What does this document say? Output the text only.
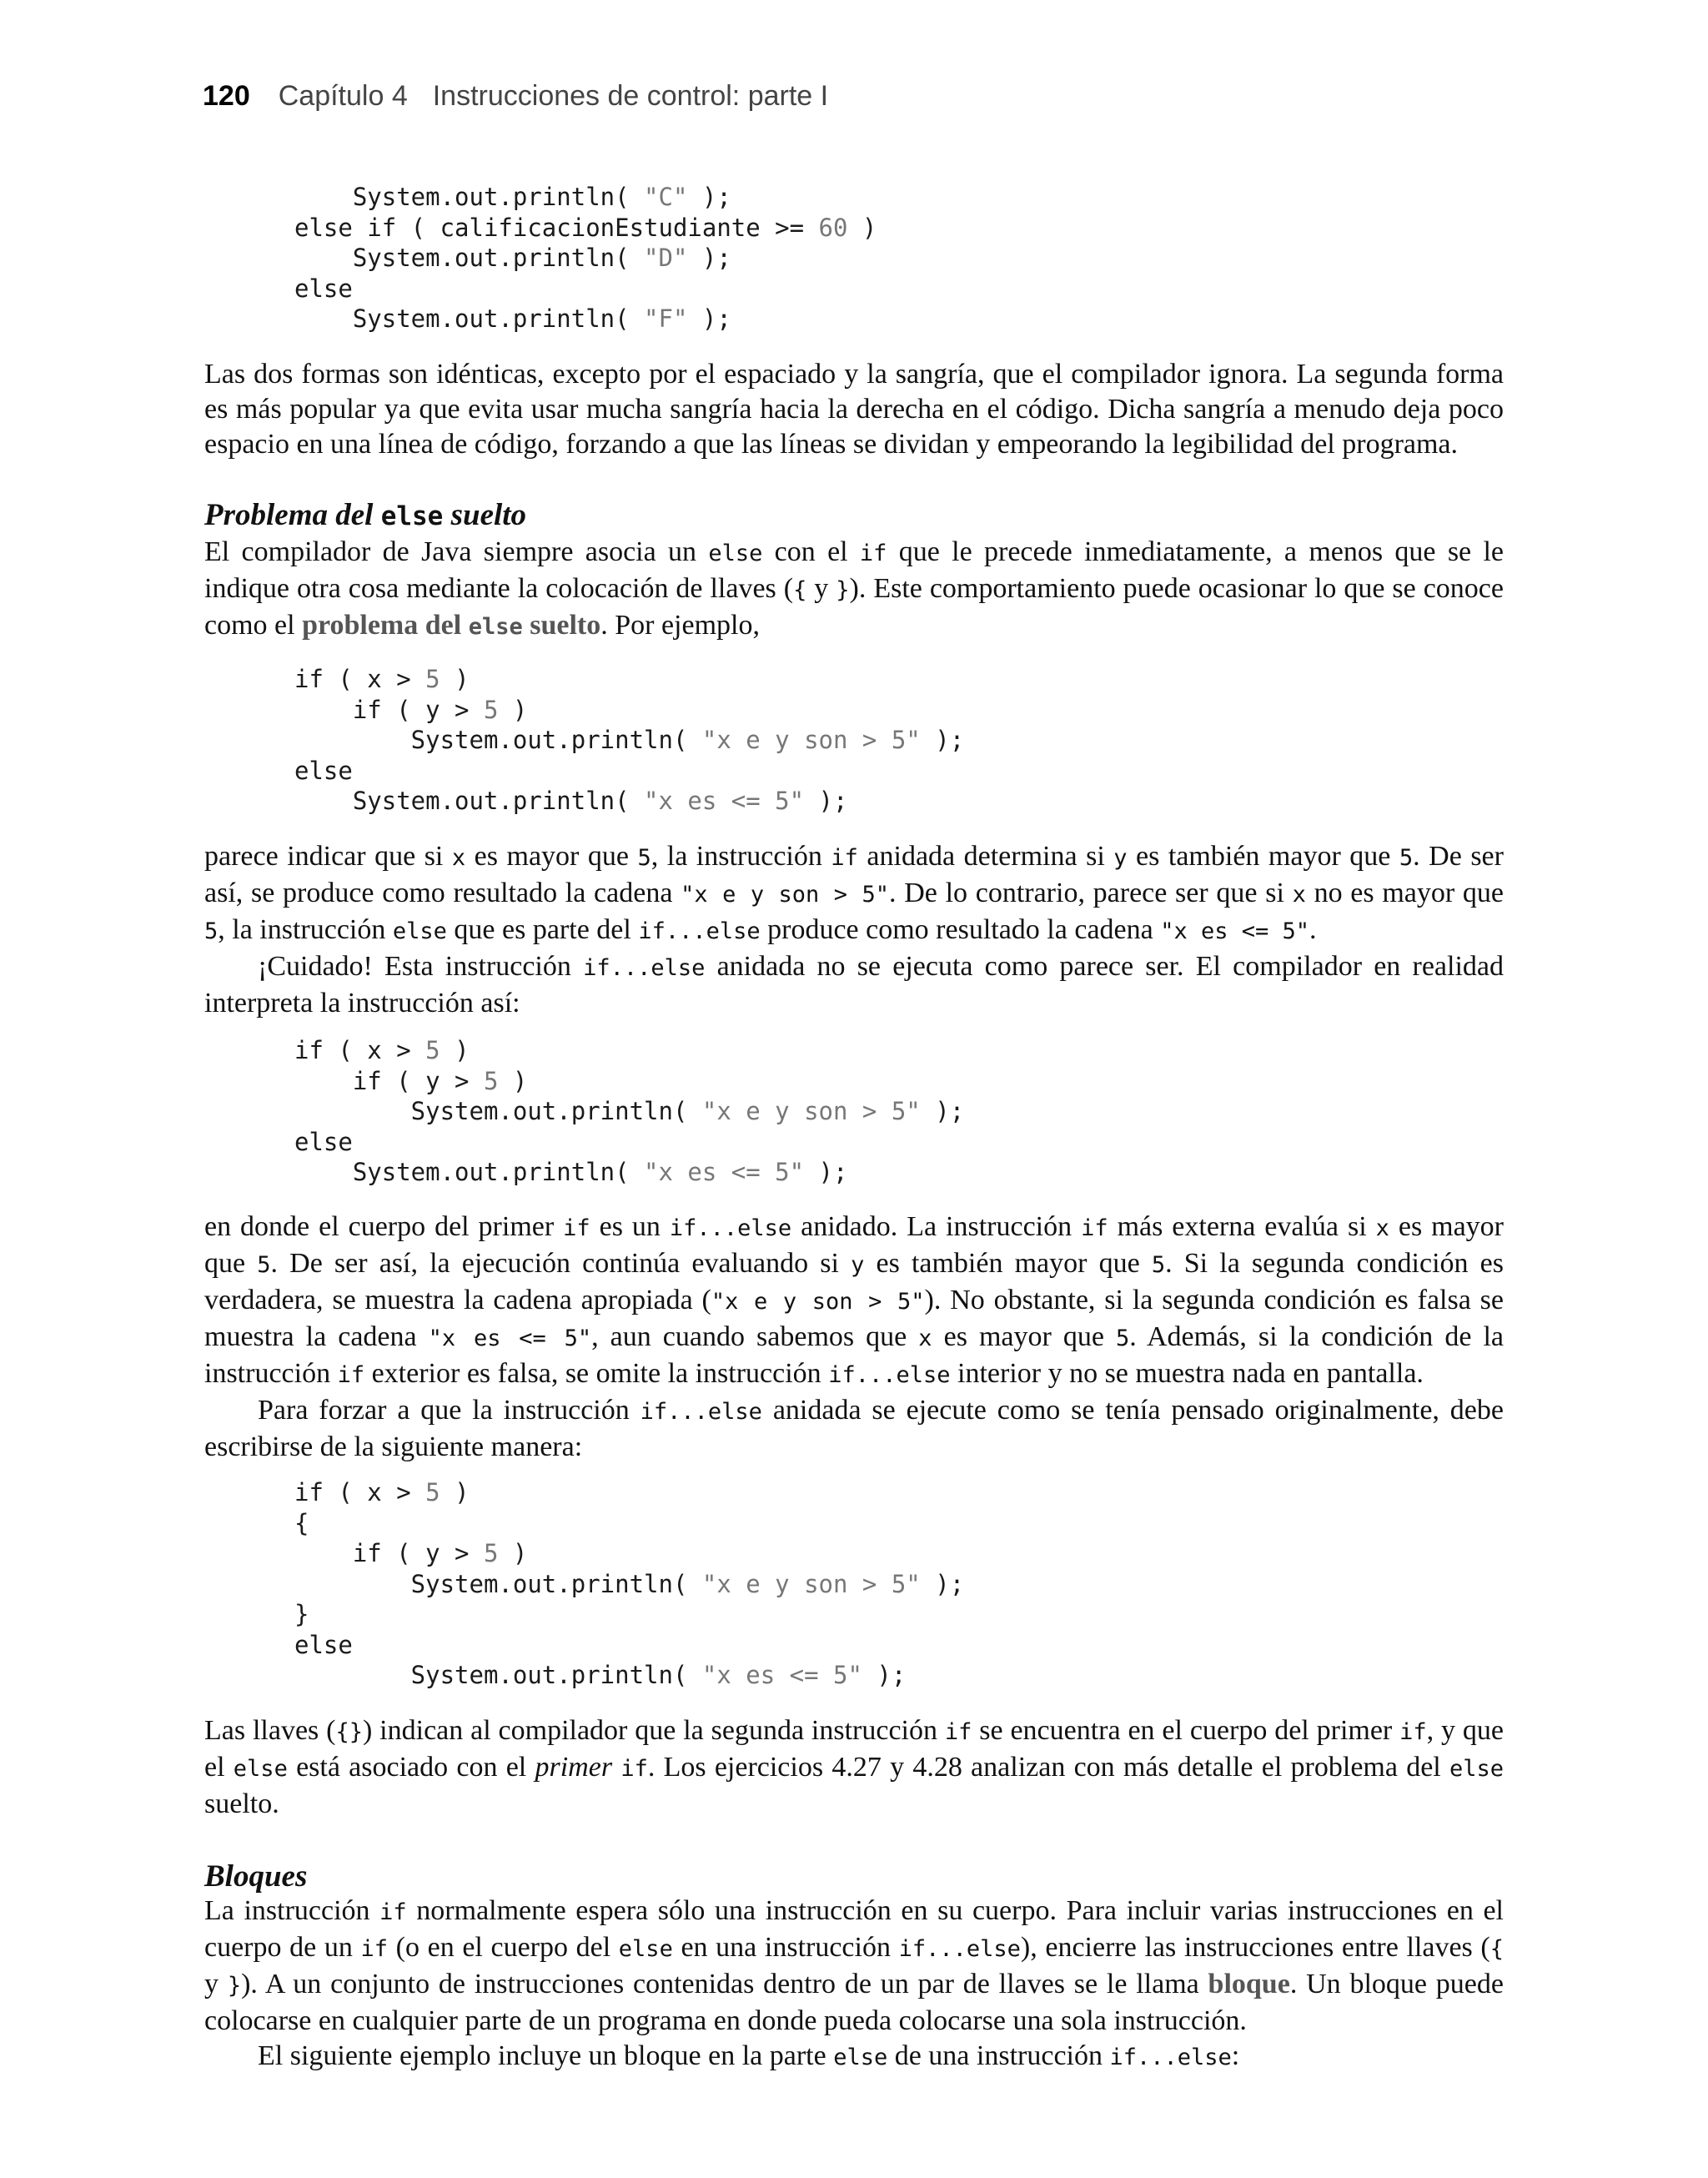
120 Capítulo 4 Instrucciones de control: parte I
System.out.println( "C" );
else if ( calificacionEstudiante >= 60 )
System.out.println( "D" );
else
System.out.println( "F" );

Las dos formas son idénticas, excepto por el espaciado y la sangría, que el compilador ignora. La segunda forma es más popular ya que evita usar mucha sangría hacia la derecha en el código. Dicha sangría a menudo deja poco espacio en una línea de código, forzando a que las líneas se dividan y empeorando la legibilidad del programa.

Problema del else suelto

El compilador de Java siempre asocia un else con el if que le precede inmediatamente, a menos que se le indique otra cosa mediante la colocación de llaves ({ y }). Este comportamiento puede ocasionar lo que se conoce como el problema del else suelto. Por ejemplo,

if ( x > 5 )
if ( y > 5 )
System.out.println( "x e y son > 5" );
else
System.out.println( "x es <= 5" );

parece indicar que si x es mayor que 5, la instrucción if anidada determina si y es también mayor que 5. De ser así, se produce como resultado la cadena "x e y son > 5". De lo contrario, parece ser que si x no es mayor que 5, la instrucción else que es parte del if...else produce como resultado la cadena "x es <= 5".

¡Cuidado! Esta instrucción if...else anidada no se ejecuta como parece ser. El compilador en realidad interpreta la instrucción así:

if ( x > 5 )
if ( y > 5 )
System.out.println( "x e y son > 5" );
else
System.out.println( "x es <= 5" );

en donde el cuerpo del primer if es un if...else anidado. La instrucción if más externa evalúa si x es mayor que 5. De ser así, la ejecución continúa evaluando si y es también mayor que 5. Si la segunda condición es verdadera, se muestra la cadena apropiada ("x e y son > 5"). No obstante, si la segunda condición es falsa se muestra la cadena "x es <= 5", aun cuando sabemos que x es mayor que 5. Además, si la condición de la instrucción if exterior es falsa, se omite la instrucción if...else interior y no se muestra nada en pantalla.

Para forzar a que la instrucción if...else anidada se ejecute como se tenía pensado originalmente, debe escribirse de la siguiente manera:

if ( x > 5 )
{
if ( y > 5 )
System.out.println( "x e y son > 5" );
}
else
System.out.println( "x es <= 5" );

Las llaves ({}) indican al compilador que la segunda instrucción if se encuentra en el cuerpo del primer if, y que el else está asociado con el primer if. Los ejercicios 4.27 y 4.28 analizan con más detalle el problema del else suelto.

Bloques

La instrucción if normalmente espera sólo una instrucción en su cuerpo. Para incluir varias instrucciones en el cuerpo de un if (o en el cuerpo del else en una instrucción if...else), encierre las instrucciones entre llaves ({ y }). A un conjunto de instrucciones contenidas dentro de un par de llaves se le llama bloque. Un bloque puede colocarse en cualquier parte de un programa en donde pueda colocarse una sola instrucción.

El siguiente ejemplo incluye un bloque en la parte else de una instrucción if...else:
